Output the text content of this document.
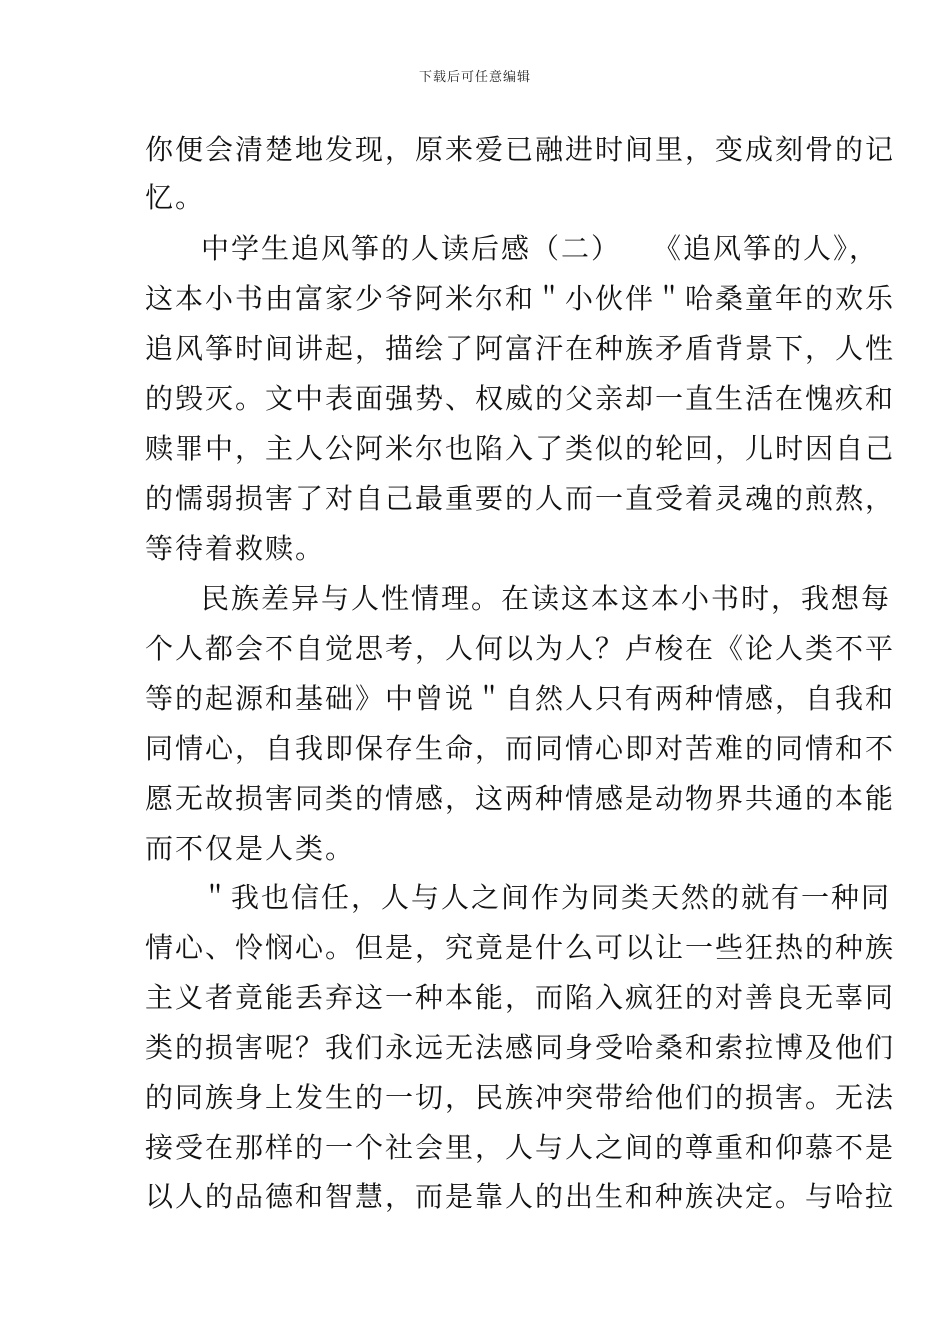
下载后可任意编辑
你便会清楚地发现，原来爱已融进时间里，变成刻骨的记
忆。
中学生追风筝的人读后感（二）　　《追风筝的人》，
这本小书由富家少爷阿米尔和＂小伙伴＂哈桑童年的欢乐
追风筝时间讲起，描绘了阿富汗在种族矛盾背景下，人性
的毁灭。文中表面强势、权威的父亲却一直生活在愧疚和
赎罪中，主人公阿米尔也陷入了类似的轮回，儿时因自己
的懦弱损害了对自己最重要的人而一直受着灵魂的煎熬，
等待着救赎。
民族差异与人性情理。在读这本这本小书时，我想每
个人都会不自觉思考，人何以为人？卢梭在《论人类不平
等的起源和基础》中曾说＂自然人只有两种情感，自我和
同情心，自我即保存生命，而同情心即对苦难的同情和不
愿无故损害同类的情感，这两种情感是动物界共通的本能
而不仅是人类。
＂我也信任，人与人之间作为同类天然的就有一种同
情心、怜悯心。但是，究竟是什么可以让一些狂热的种族
主义者竟能丢弃这一种本能，而陷入疯狂的对善良无辜同
类的损害呢？我们永远无法感同身受哈桑和索拉博及他们
的同族身上发生的一切，民族冲突带给他们的损害。无法
接受在那样的一个社会里，人与人之间的尊重和仰慕不是
以人的品德和智慧，而是靠人的出生和种族决定。与哈拉
